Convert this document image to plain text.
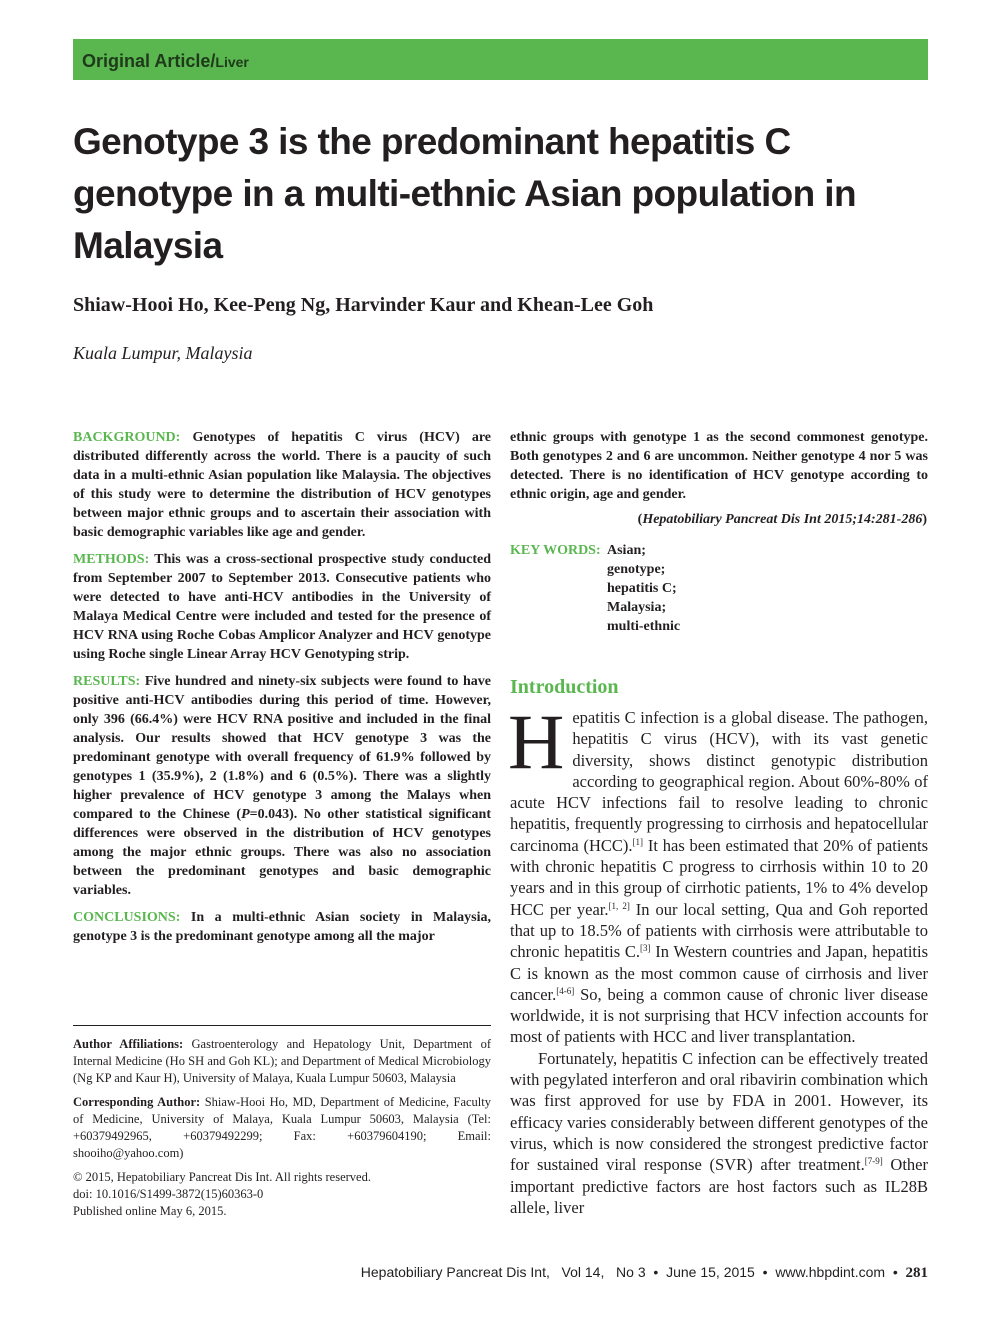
Original Article/Liver
Genotype 3 is the predominant hepatitis C genotype in a multi-ethnic Asian population in Malaysia
Shiaw-Hooi Ho, Kee-Peng Ng, Harvinder Kaur and Khean-Lee Goh
Kuala Lumpur, Malaysia

BACKGROUND: Genotypes of hepatitis C virus (HCV) are distributed differently across the world. There is a paucity of such data in a multi-ethnic Asian population like Malaysia. The objectives of this study were to determine the distribution of HCV genotypes between major ethnic groups and to ascertain their association with basic demographic variables like age and gender.

METHODS: This was a cross-sectional prospective study conducted from September 2007 to September 2013. Consecutive patients who were detected to have anti-HCV antibodies in the University of Malaya Medical Centre were included and tested for the presence of HCV RNA using Roche Cobas Amplicor Analyzer and HCV genotype using Roche single Linear Array HCV Genotyping strip.

RESULTS: Five hundred and ninety-six subjects were found to have positive anti-HCV antibodies during this period of time. However, only 396 (66.4%) were HCV RNA positive and included in the final analysis. Our results showed that HCV genotype 3 was the predominant genotype with overall frequency of 61.9% followed by genotypes 1 (35.9%), 2 (1.8%) and 6 (0.5%). There was a slightly higher prevalence of HCV genotype 3 among the Malays when compared to the Chinese (P=0.043). No other statistical significant differences were observed in the distribution of HCV genotypes among the major ethnic groups. There was also no association between the predominant genotypes and basic demographic variables.

CONCLUSIONS: In a multi-ethnic Asian society in Malaysia, genotype 3 is the predominant genotype among all the major

ethnic groups with genotype 1 as the second commonest genotype. Both genotypes 2 and 6 are uncommon. Neither genotype 4 nor 5 was detected. There is no identification of HCV genotype according to ethnic origin, age and gender.

(Hepatobiliary Pancreat Dis Int 2015;14:281-286)
KEY WORDS: Asian;
genotype;
hepatitis C;
Malaysia;
multi-ethnic
Introduction

Hepatitis C infection is a global disease. The pathogen, hepatitis C virus (HCV), with its vast genetic diversity, shows distinct genotypic distribution according to geographical region. About 60%-80% of acute HCV infections fail to resolve leading to chronic hepatitis, frequently progressing to cirrhosis and hepatocellular carcinoma (HCC).[1] It has been estimated that 20% of patients with chronic hepatitis C progress to cirrhosis within 10 to 20 years and in this group of cirrhotic patients, 1% to 4% develop HCC per year.[1, 2] In our local setting, Qua and Goh reported that up to 18.5% of patients with cirrhosis were attributable to chronic hepatitis C.[3] In Western countries and Japan, hepatitis C is known as the most common cause of cirrhosis and liver cancer.[4-6] So, being a common cause of chronic liver disease worldwide, it is not surprising that HCV infection accounts for most of patients with HCC and liver transplantation.

Fortunately, hepatitis C infection can be effectively treated with pegylated interferon and oral ribavirin combination which was first approved for use by FDA in 2001. However, its efficacy varies considerably between different genotypes of the virus, which is now considered the strongest predictive factor for sustained viral response (SVR) after treatment.[7-9] Other important predictive factors are host factors such as IL28B allele, liver

Author Affiliations: Gastroenterology and Hepatology Unit, Department of Internal Medicine (Ho SH and Goh KL); and Department of Medical Microbiology (Ng KP and Kaur H), University of Malaya, Kuala Lumpur 50603, Malaysia

Corresponding Author: Shiaw-Hooi Ho, MD, Department of Medicine, Faculty of Medicine, University of Malaya, Kuala Lumpur 50603, Malaysia (Tel: +60379492965, +60379492299; Fax: +60379604190; Email: shooiho@yahoo.com)

© 2015, Hepatobiliary Pancreat Dis Int. All rights reserved.
doi: 10.1016/S1499-3872(15)60363-0
Published online May 6, 2015.
Hepatobiliary Pancreat Dis Int, Vol 14, No 3 • June 15, 2015 • www.hbpdint.com • 281
